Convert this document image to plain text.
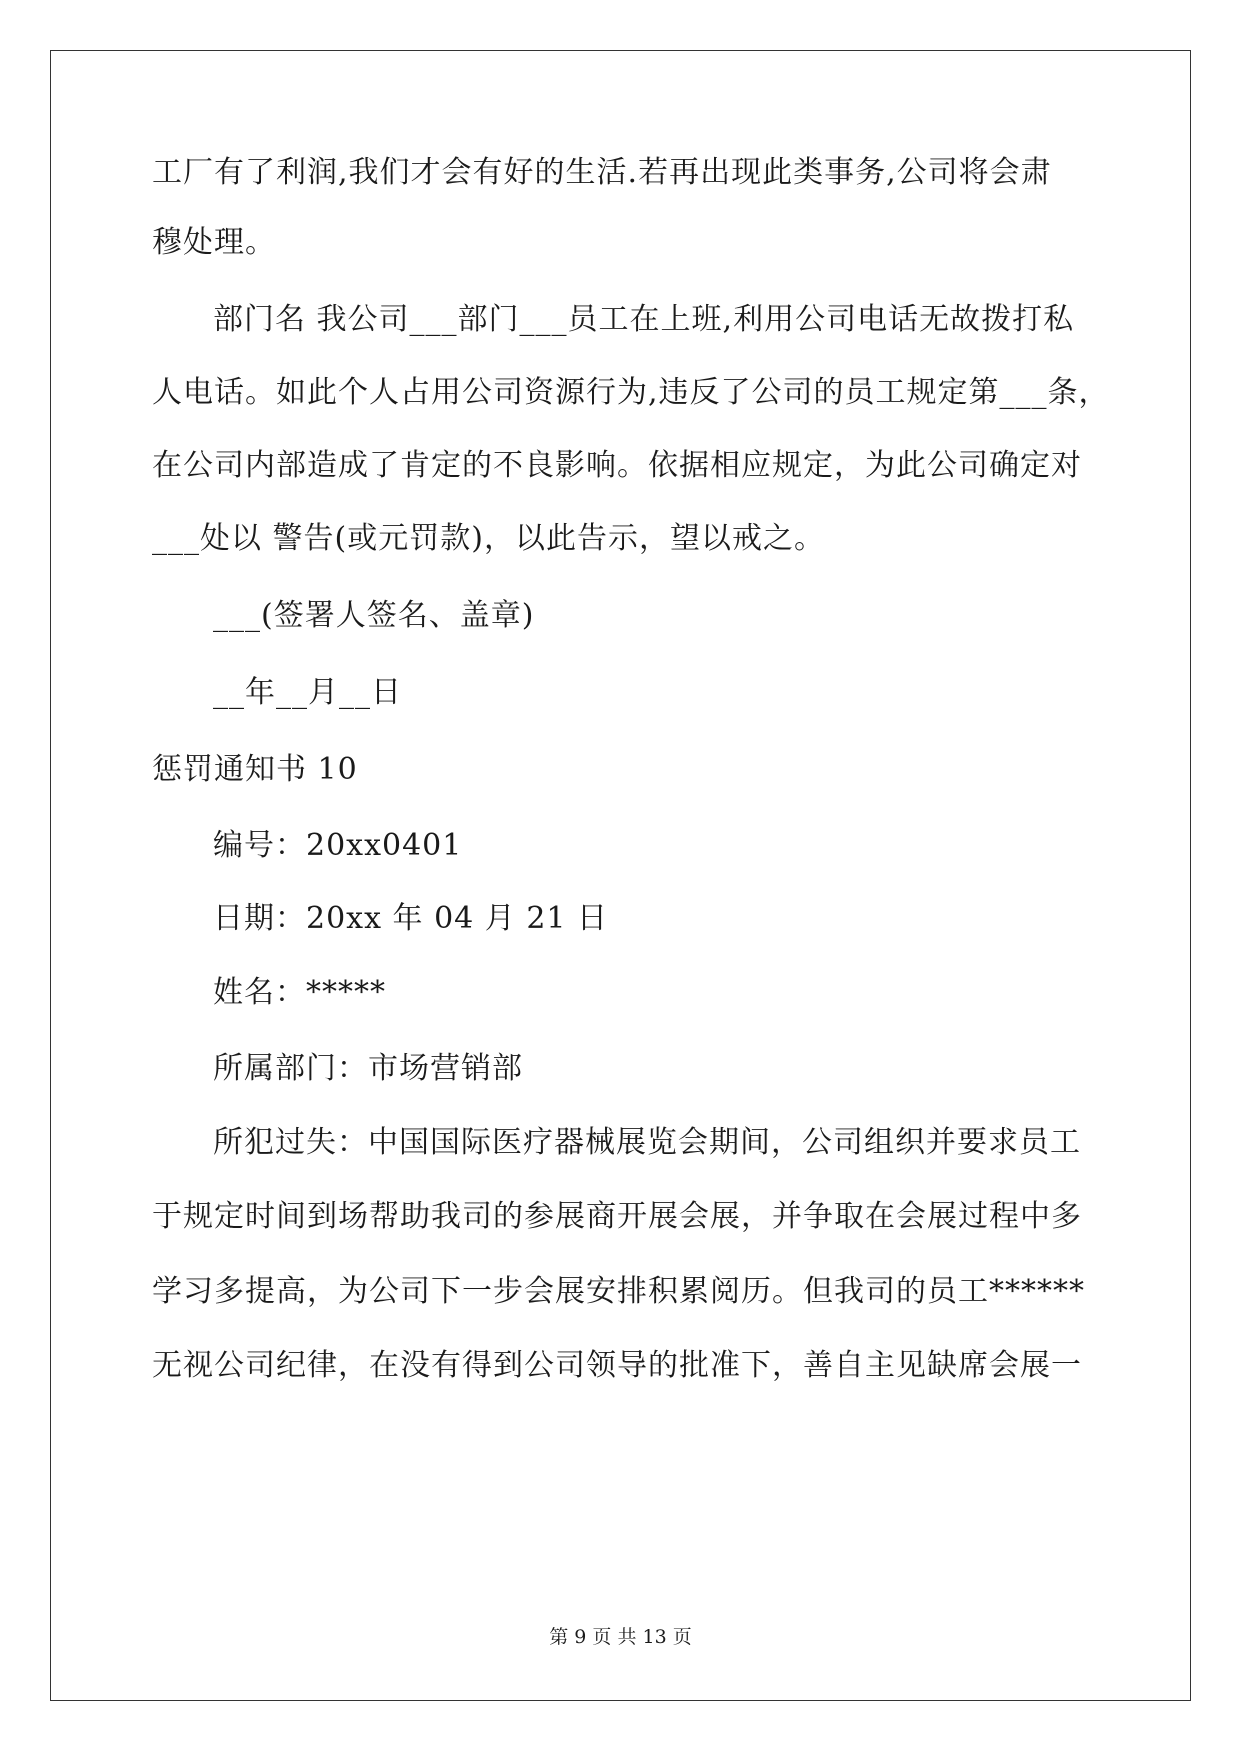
工厂有了利润,我们才会有好的生活.若再出现此类事务,公司将会肃
穆处理。
部门名 我公司___部门___员工在上班,利用公司电话无故拨打私
人电话。如此个人占用公司资源行为,违反了公司的员工规定第___条，
在公司内部造成了肯定的不良影响。依据相应规定，为此公司确定对
___处以 警告(或元罚款)，以此告示，望以戒之。
___(签署人签名、盖章)
__年__月__日
惩罚通知书 10
编号：20xx0401
日期：20xx 年 04 月 21 日
姓名：*****
所属部门：市场营销部
所犯过失：中国国际医疗器械展览会期间，公司组织并要求员工
于规定时间到场帮助我司的参展商开展会展，并争取在会展过程中多
学习多提高，为公司下一步会展安排积累阅历。但我司的员工******
无视公司纪律，在没有得到公司领导的批准下，善自主见缺席会展一
第 9 页 共 13 页
